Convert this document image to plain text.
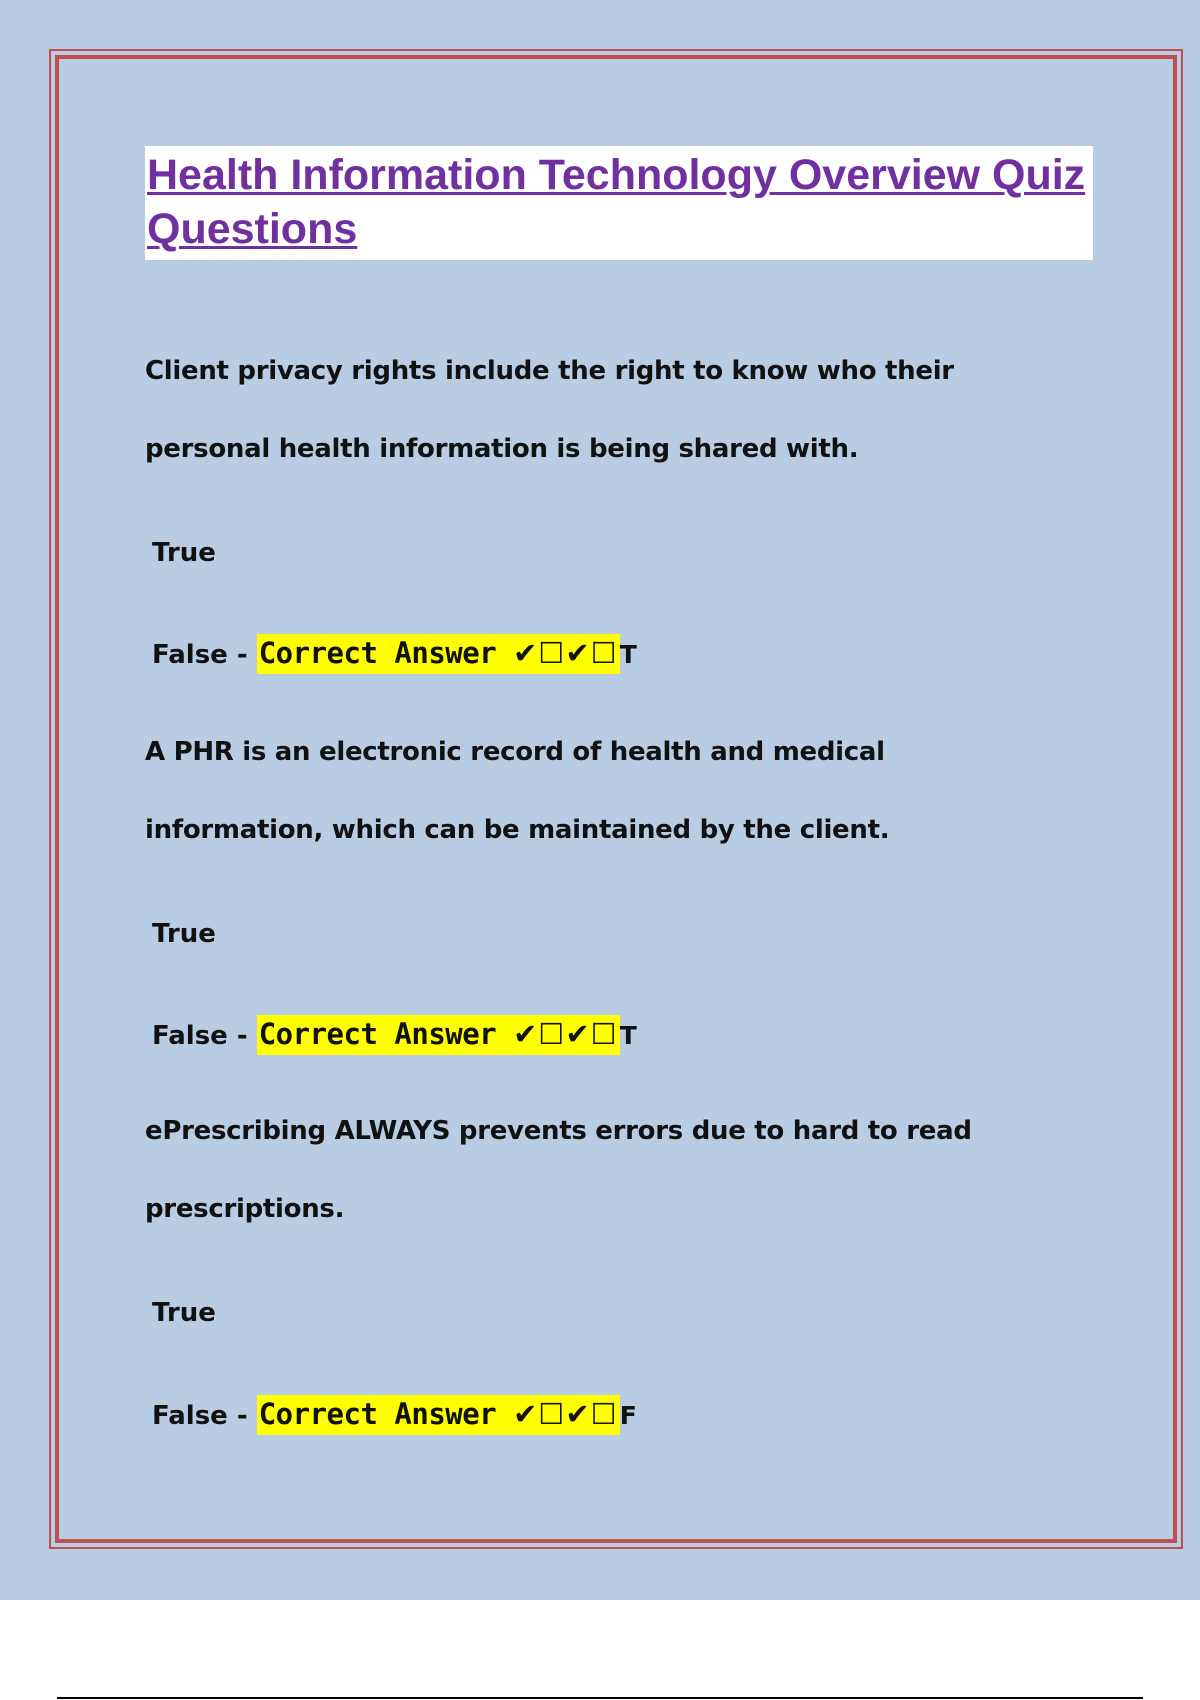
Health Information Technology Overview Quiz Questions
Client privacy rights include the right to know who their personal health information is being shared with.
True
False - Correct Answer ✔☐✔☐T
A PHR is an electronic record of health and medical information, which can be maintained by the client.
True
False - Correct Answer ✔☐✔☐T
ePrescribing ALWAYS prevents errors due to hard to read prescriptions.
True
False - Correct Answer ✔☐✔☐F
